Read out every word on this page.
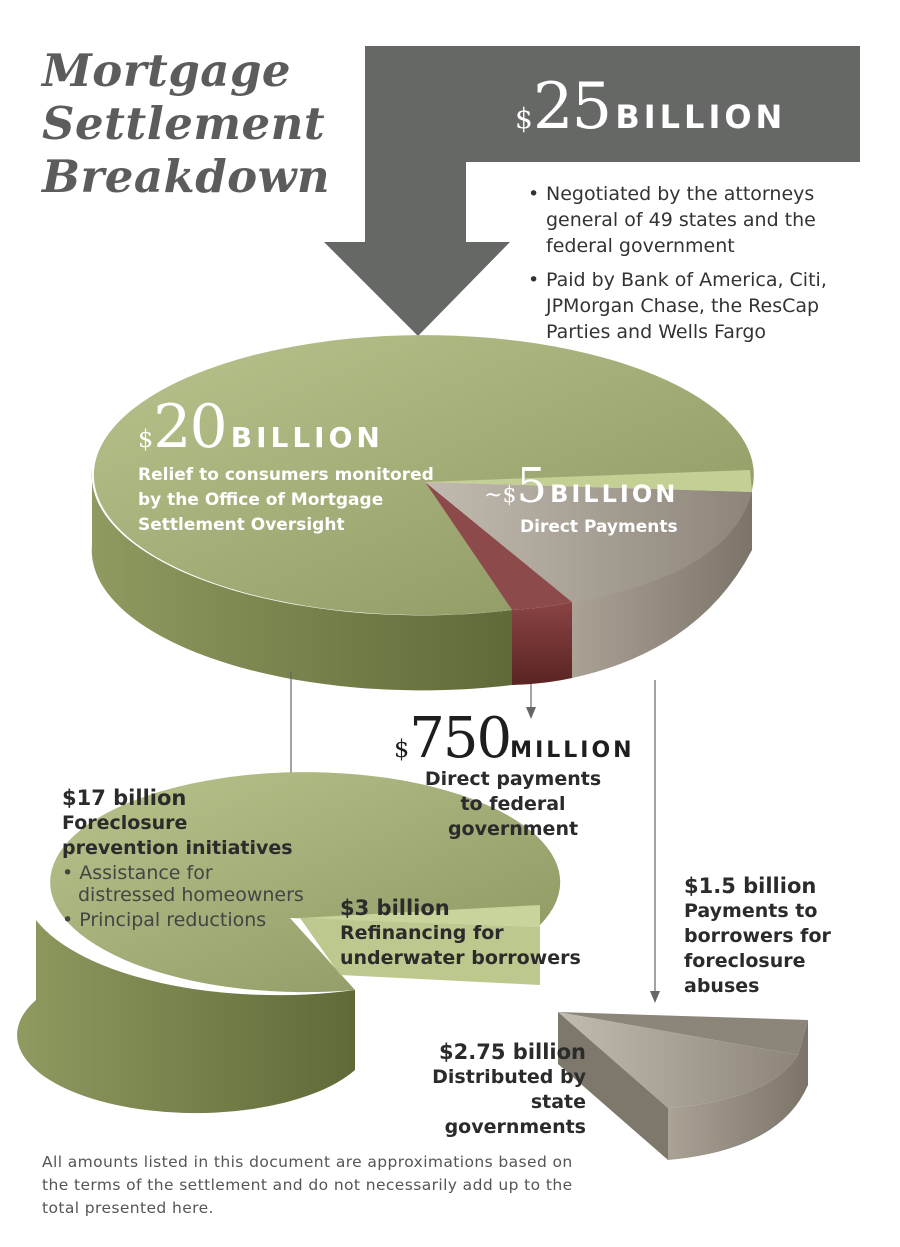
Mortgage
Settlement
Breakdown
$25 BILLION
• Negotiated by the attorneys general of 49 states and the federal government
• Paid by Bank of America, Citi, JPMorgan Chase, the ResCap Parties and Wells Fargo
$20 BILLION
Relief to consumers monitored
by the Office of Mortgage
Settlement Oversight
~$5 BILLION
Direct Payments
$750MILLION
Direct payments
to federal government
$17 billion
Foreclosure
prevention initiatives
• Assistance for
distressed homeowners
• Principal reductions	$3 billion
Refinancing for
underwater borrowers
$1.5 billion
Payments to
borrowers for
foreclosure
abuses
$2.75 billion
Distributed by
state governments
All amounts listed in this document are approximations based on the terms of the settlement and do not necessarily add up to the total presented here.
